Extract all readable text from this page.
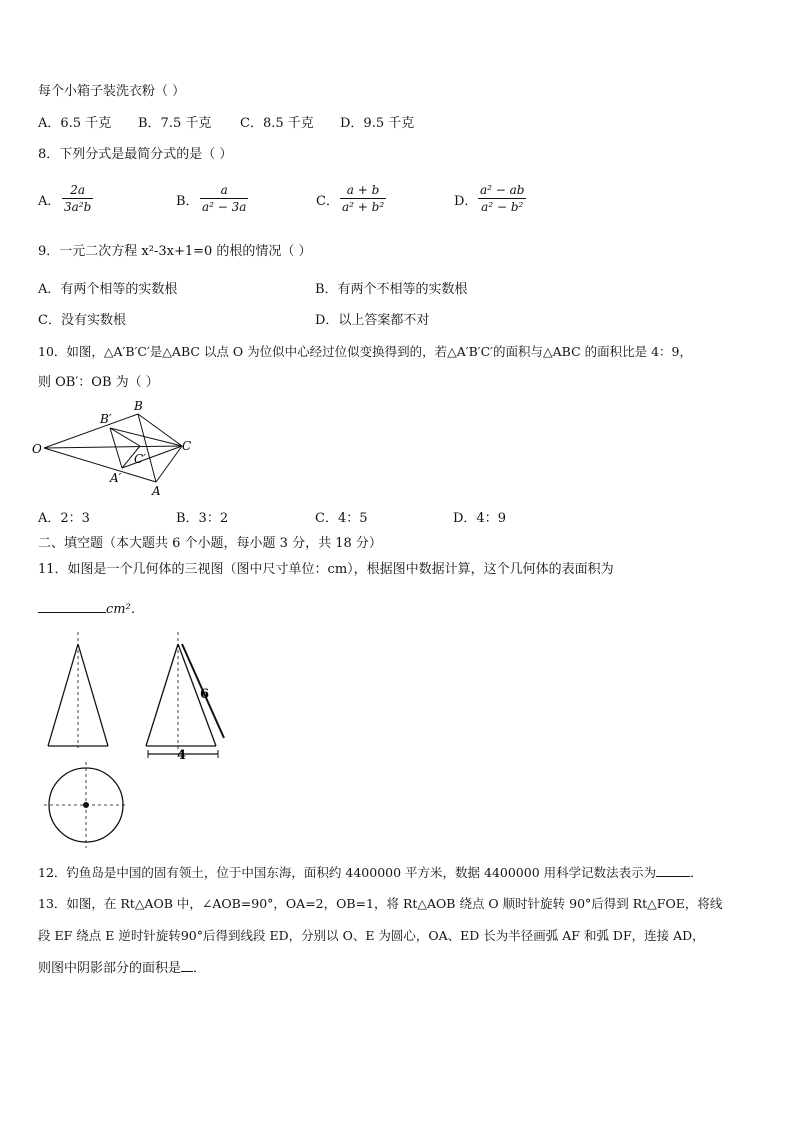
每个小箱子装洗衣粉（ ）
A．6.5 千克 B．7.5 千克 C．8.5 千克 D．9.5 千克
8．下列分式是最简分式的是（ ）
A．
2a
3a²b	B．
a
a² − 3a	C．
a + b
a² + b²	D．
a² − ab
a² − b²
9．一元二次方程 x²-3x+1=0 的根的情况（ ）
A．有两个相等的实数根	B．有两个不相等的实数根
C．没有实数根	D．以上答案都不对
10．如图，△A′B′C′是△ABC 以点 O 为位似中心经过位似变换得到的，若△A′B′C′的面积与△ABC 的面积比是 4：9，
则 OB′：OB 为（ ）
O
B
B′
C
C′
A
A′
A．2：3	B．3：2	C．4：5	D．4：9
二、填空题（本大题共 6 个小题，每小题 3 分，共 18 分）
11．如图是一个几何体的三视图（图中尺寸单位：cm），根据图中数据计算，这个几何体的表面积为
cm²．
6
4
12．钓鱼岛是中国的固有领土，位于中国东海，面积约 4400000 平方米，数据 4400000 用科学记数法表示为	．
13．如图，在 Rt△AOB 中，∠AOB=90°，OA=2，OB=1，将 Rt△AOB 绕点 O 顺时针旋转 90°后得到 Rt△FOE，将线
段 EF 绕点 E 逆时针旋转90°后得到线段 ED，分别以 O、E 为圆心，OA、ED 长为半径画弧 AF 和弧 DF，连接 AD，
则图中阴影部分的面积是 ．
